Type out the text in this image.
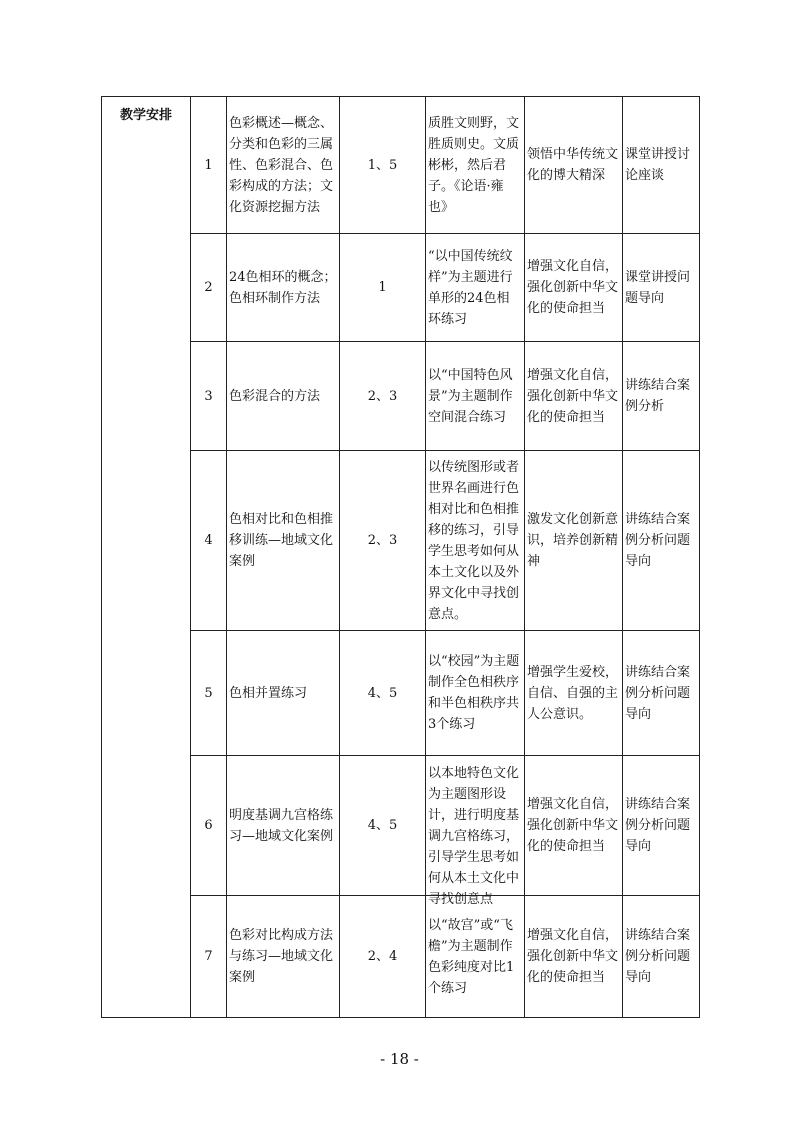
教学安排	1	色彩概述—概念、分类和色彩的三属性、色彩混合、色彩构成的方法；文化资源挖掘方法	1、5	质胜文则野，文胜质则史。文质彬彬，然后君子。《论语·雍也》	领悟中华传统文化的博大精深	课堂讲授讨论座谈
	2	24色相环的概念；色相环制作方法	1	“以中国传统纹样”为主题进行单形的24色相环练习	增强文化自信，强化创新中华文化的使命担当	课堂讲授问题导向
	3	色彩混合的方法	2、3	以“中国特色风景”为主题制作空间混合练习	增强文化自信，强化创新中华文化的使命担当	讲练结合案例分析
	4	色相对比和色相推移训练—地域文化案例	2、3	以传统图形或者世界名画进行色相对比和色相推移的练习，引导学生思考如何从本土文化以及外界文化中寻找创意点。	激发文化创新意识，培养创新精神	讲练结合案例分析问题导向
	5	色相并置练习	4、5	以“校园”为主题制作全色相秩序和半色相秩序共3个练习	增强学生爱校，自信、自强的主人公意识。	讲练结合案例分析问题导向
	6	明度基调九宫格练习—地域文化案例	4、5	以本地特色文化为主题图形设计，进行明度基调九宫格练习，引导学生思考如何从本土文化中寻找创意点	增强文化自信，强化创新中华文化的使命担当	讲练结合案例分析问题导向
	7	色彩对比构成方法与练习—地域文化案例	2、4	以“故宫”或“飞檐”为主题制作色彩纯度对比1个练习	增强文化自信，强化创新中华文化的使命担当	讲练结合案例分析问题导向
- 18 -
